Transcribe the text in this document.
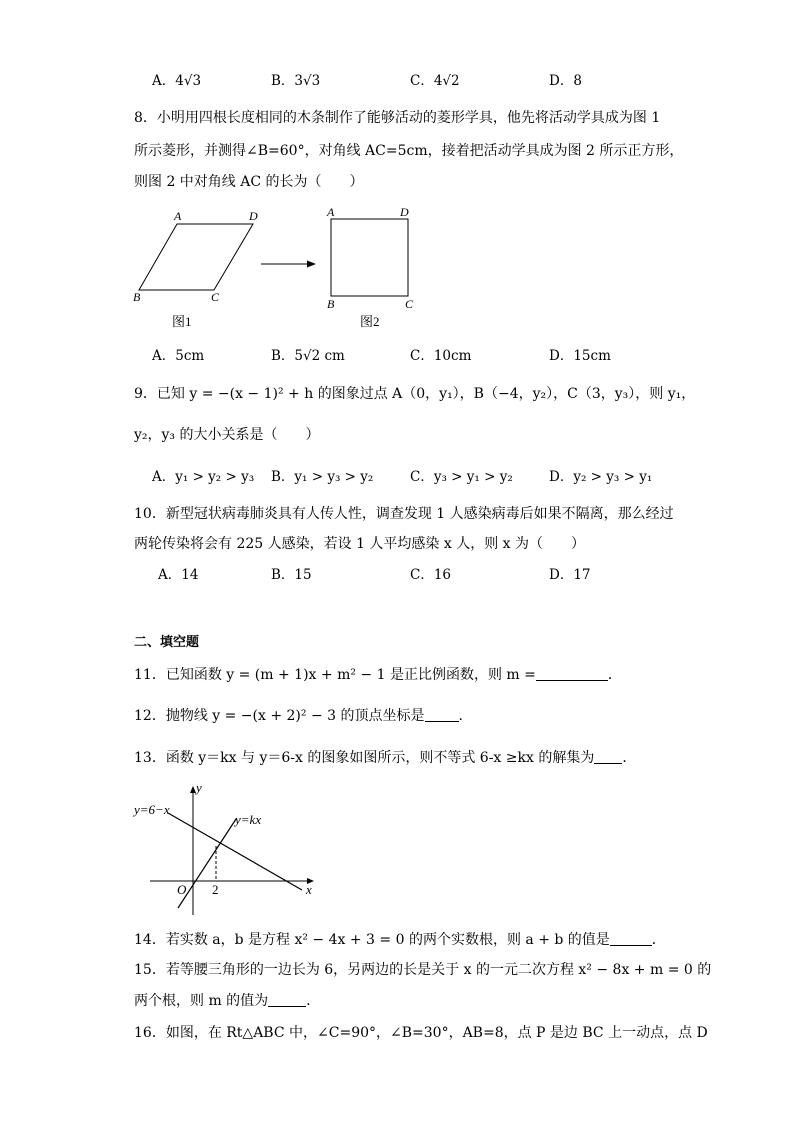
A．4√3	B．3√3	C．4√2	D．8
8．小明用四根长度相同的木条制作了能够活动的菱形学具，他先将活动学具成为图 1
所示菱形，并测得∠B=60°，对角线 AC=5cm，接着把活动学具成为图 2 所示正方形，
则图 2 中对角线 AC 的长为（　　）
A	D
B	C
图1
A	D
B	C
图2
A．5cm	B．5√2 cm	C．10cm	D．15cm
9．已知 y = −(x − 1)² + h 的图象过点 A（0，y₁），B（−4，y₂），C（3，y₃），则 y₁，
y₂，y₃ 的大小关系是（　　）
A．y₁ > y₂ > y₃ B．y₁ > y₃ > y₂	C．y₃ > y₁ > y₂	D．y₂ > y₃ > y₁
10．新型冠状病毒肺炎具有人传人性，调查发现 1 人感染病毒后如果不隔离，那么经过
两轮传染将会有 225 人感染，若设 1 人平均感染 x 人，则 x 为（　　）
A．14	B．15	C．16	D．17
二、填空题
11．已知函数 y = (m + 1)x + m² − 1 是正比例函数，则 m =	．
12．抛物线 y = −(x + 2)² − 3 的顶点坐标是 .
13．函数 y＝kx 与 y＝6-x 的图象如图所示，则不等式 6-x ≥kx 的解集为 ．
y=6−x
y=kx
y
x
O 2
14．若实数 a，b 是方程 x² − 4x + 3 = 0 的两个实数根，则 a + b 的值是	．
15．若等腰三角形的一边长为 6，另两边的长是关于 x 的一元二次方程 x² − 8x + m = 0 的
两个根，则 m 的值为	．
16．如图，在 Rt△ABC 中，∠C=90°，∠B=30°，AB=8，点 P 是边 BC 上一动点，点 D
